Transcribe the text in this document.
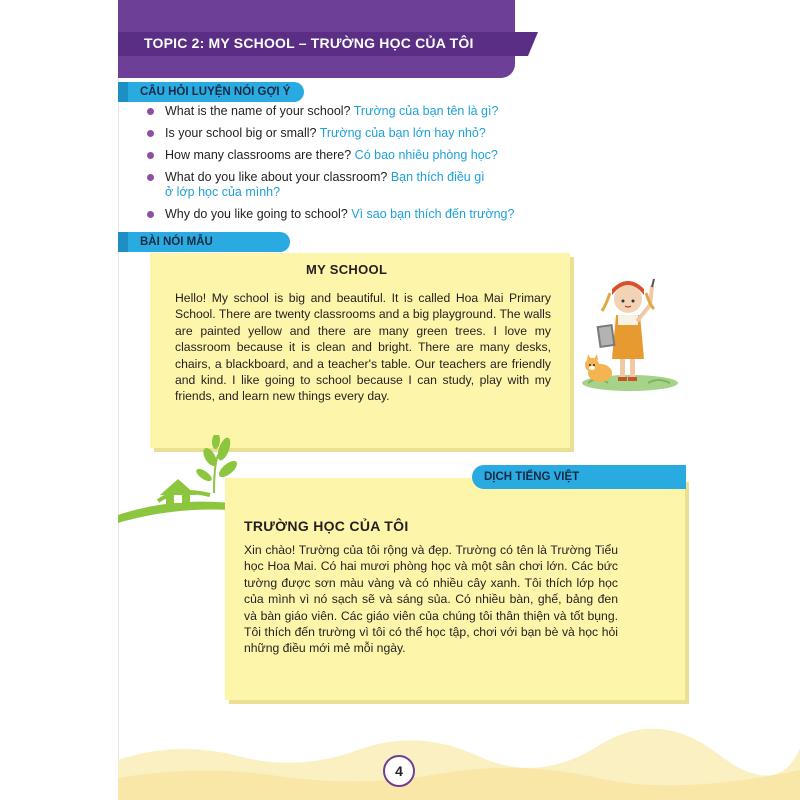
TOPIC 2: MY SCHOOL – TRƯỜNG HỌC CỦA TÔI
CÂU HỎI LUYỆN NÓI GỢI Ý
What is the name of your school? Trường của bạn tên là gì?
Is your school big or small? Trường của bạn lớn hay nhỏ?
How many classrooms are there? Có bao nhiêu phòng học?
What do you like about your classroom? Bạn thích điều gì ở lớp học của mình?
Why do you like going to school? Vì sao bạn thích đến trường?
BÀI NÓI MẪU
MY SCHOOL

Hello! My school is big and beautiful. It is called Hoa Mai Primary School. There are twenty classrooms and a big playground. The walls are painted yellow and there are many green trees. I love my classroom because it is clean and bright. There are many desks, chairs, a blackboard, and a teacher's table. Our teachers are friendly and kind. I like going to school because I can study, play with my friends, and learn new things every day.

DỊCH TIẾNG VIỆT
TRƯỜNG HỌC CỦA TÔI

Xin chào! Trường của tôi rộng và đẹp. Trường có tên là Trường Tiểu học Hoa Mai. Có hai mươi phòng học và một sân chơi lớn. Các bức tường được sơn màu vàng và có nhiều cây xanh. Tôi thích lớp học của mình vì nó sạch sẽ và sáng sủa. Có nhiều bàn, ghế, bảng đen và bàn giáo viên. Các giáo viên của chúng tôi thân thiện và tốt bụng. Tôi thích đến trường vì tôi có thể học tập, chơi với bạn bè và học hỏi những điều mới mẻ mỗi ngày.

4
